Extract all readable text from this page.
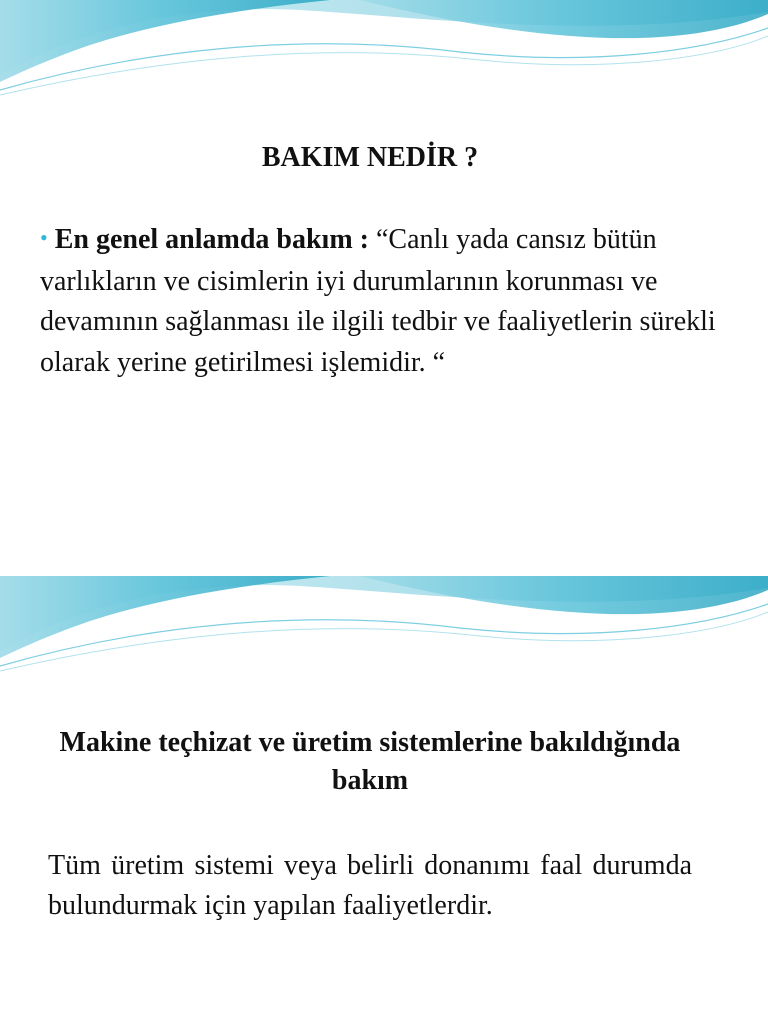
BAKIM NEDİR ?
• En genel anlamda bakım : “Canlı yada cansız bütün varlıkların ve cisimlerin iyi durumlarının korunması ve devamının sağlanması ile ilgili tedbir ve faaliyetlerin sürekli olarak yerine getirilmesi işlemidir. “
Makine teçhizat ve üretim sistemlerine bakıldığında bakım
Tüm üretim sistemi veya belirli donanımı faal durumda bulundurmak için yapılan faaliyetlerdir.
